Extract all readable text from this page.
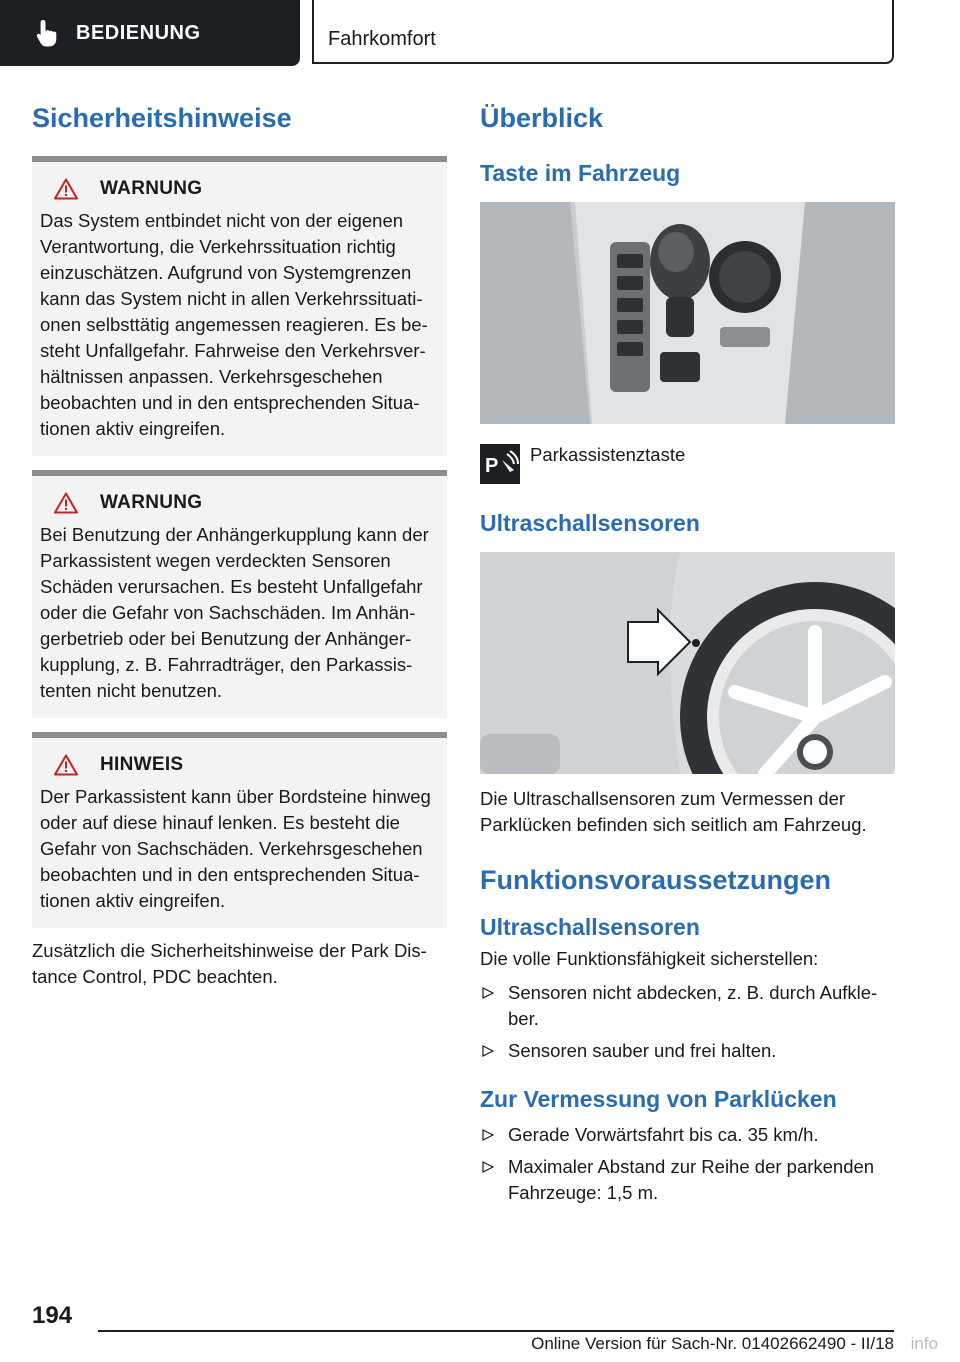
BEDIENUNG	Fahrkomfort
Sicherheitshinweise
WARNUNG

Das System entbindet nicht von der eigenen Verantwortung, die Verkehrssituation richtig einzuschätzen. Aufgrund von Systemgrenzen kann das System nicht in allen Verkehrssituationen selbsttätig angemessen reagieren. Es besteht Unfallgefahr. Fahrweise den Verkehrsverhältnissen anpassen. Verkehrsgeschehen beobachten und in den entsprechenden Situationen aktiv eingreifen.

WARNUNG

Bei Benutzung der Anhängerkupplung kann der Parkassistent wegen verdeckten Sensoren Schäden verursachen. Es besteht Unfallgefahr oder die Gefahr von Sachschäden. Im Anhängerbetrieb oder bei Benutzung der Anhängerkupplung, z. B. Fahrradträger, den Parkassistenten nicht benutzen.

HINWEIS

Der Parkassistent kann über Bordsteine hinweg oder auf diese hinauf lenken. Es besteht die Gefahr von Sachschäden. Verkehrsgeschehen beobachten und in den entsprechenden Situationen aktiv eingreifen.

Zusätzlich die Sicherheitshinweise der Park Distance Control, PDC beachten.

Überblick
Taste im Fahrzeug
P
Parkassistenztaste
Ultraschallsensoren

Die Ultraschallsensoren zum Vermessen der Parklücken befinden sich seitlich am Fahrzeug.

Funktionsvoraussetzungen
Ultraschallsensoren

Die volle Funktionsfähigkeit sicherstellen:

Sensoren nicht abdecken, z. B. durch Aufkleber.
Sensoren sauber und frei halten.
Zur Vermessung von Parklücken
Gerade Vorwärtsfahrt bis ca. 35 km/h.
Maximaler Abstand zur Reihe der parkenden Fahrzeuge: 1,5 m.
194
Online Version für Sach-Nr. 01402662490 - II/18 info
